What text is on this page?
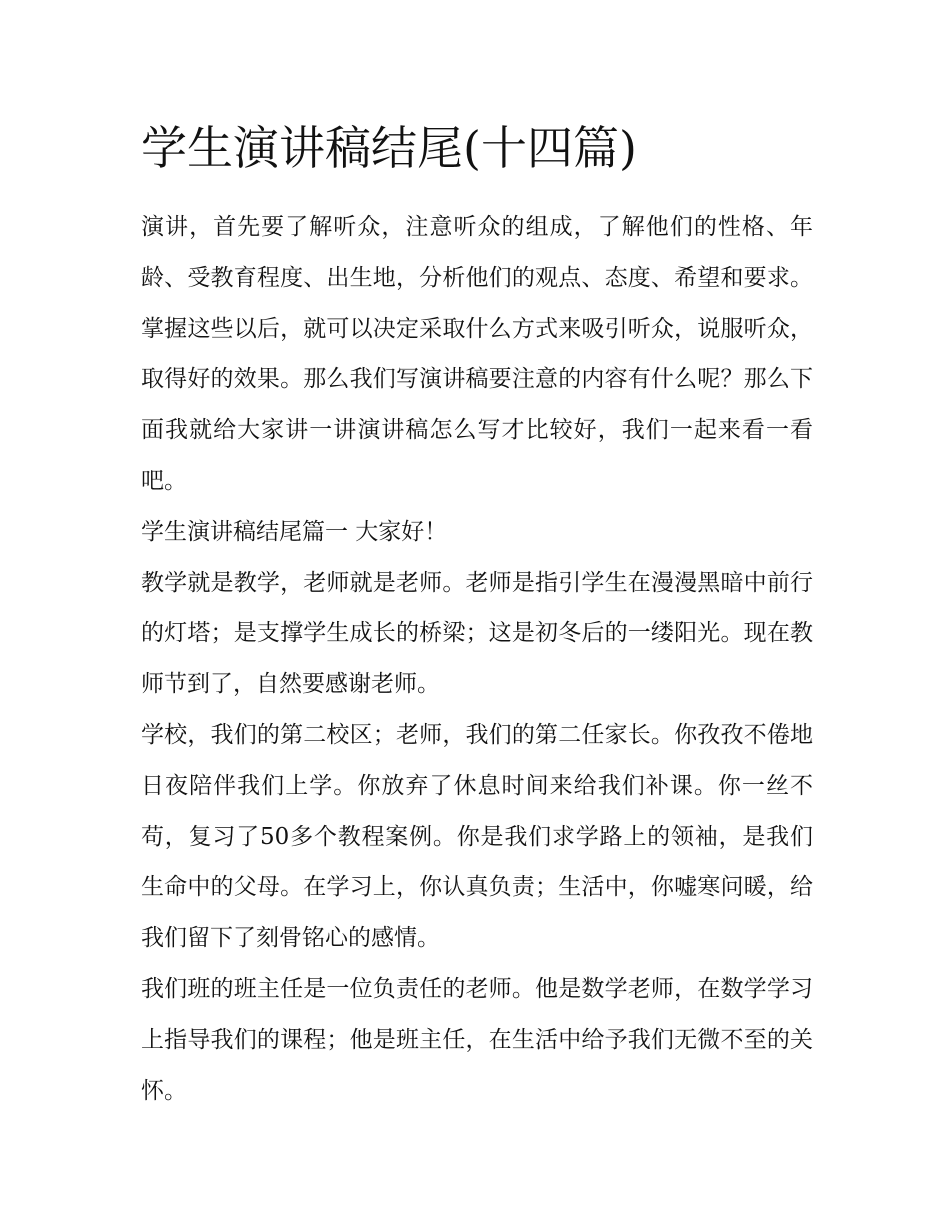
学生演讲稿结尾(十四篇)

演讲，首先要了解听众，注意听众的组成，了解他们的性格、年龄、受教育程度、出生地，分析他们的观点、态度、希望和要求。掌握这些以后，就可以决定采取什么方式来吸引听众，说服听众，取得好的效果。那么我们写演讲稿要注意的内容有什么呢？那么下面我就给大家讲一讲演讲稿怎么写才比较好，我们一起来看一看吧。

学生演讲稿结尾篇一 大家好！

教学就是教学，老师就是老师。老师是指引学生在漫漫黑暗中前行的灯塔；是支撑学生成长的桥梁；这是初冬后的一缕阳光。现在教师节到了，自然要感谢老师。

学校，我们的第二校区；老师，我们的第二任家长。你孜孜不倦地日夜陪伴我们上学。你放弃了休息时间来给我们补课。你一丝不苟，复习了50多个教程案例。你是我们求学路上的领袖，是我们生命中的父母。在学习上，你认真负责；生活中，你嘘寒问暖，给我们留下了刻骨铭心的感情。

我们班的班主任是一位负责任的老师。他是数学老师，在数学学习上指导我们的课程；他是班主任，在生活中给予我们无微不至的关怀。
